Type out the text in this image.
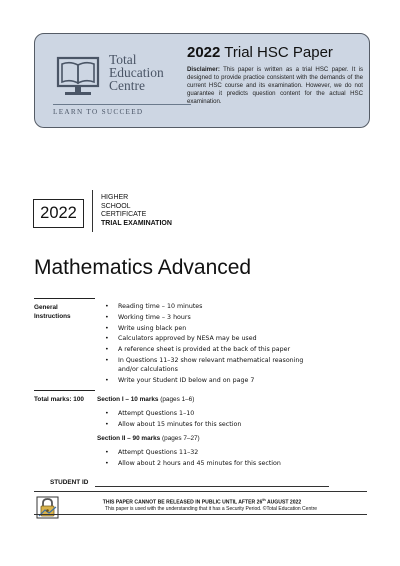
Total
Education
Centre
LEARN TO SUCCEED
2022 Trial HSC Paper
Disclaimer: This paper is written as a trial HSC paper. It is designed to provide practice consistent with the demands of the current HSC course and its examination. However, we do not guarantee it predicts question content for the actual HSC examination.
2022
HIGHER
SCHOOL
CERTIFICATE
TRIAL EXAMINATION
Mathematics Advanced
General Instructions
• Reading time – 10 minutes
• Working time – 3 hours
• Write using black pen
• Calculators approved by NESA may be used
• A reference sheet is provided at the back of this paper
• In Questions 11–32 show relevant mathematical reasoning and/or calculations
• Write your Student ID below and on page 7
Total marks: 100	Section I – 10 marks (pages 1–6)
• Attempt Questions 1–10
• Allow about 15 minutes for this section
Section II – 90 marks (pages 7–27)
• Attempt Questions 11–32
• Allow about 2 hours and 45 minutes for this section
STUDENT ID
THIS PAPER CANNOT BE RELEASED IN PUBLIC UNTIL AFTER 26th AUGUST 2022
This paper is used with the understanding that it has a Security Period. ©Total Education Centre
